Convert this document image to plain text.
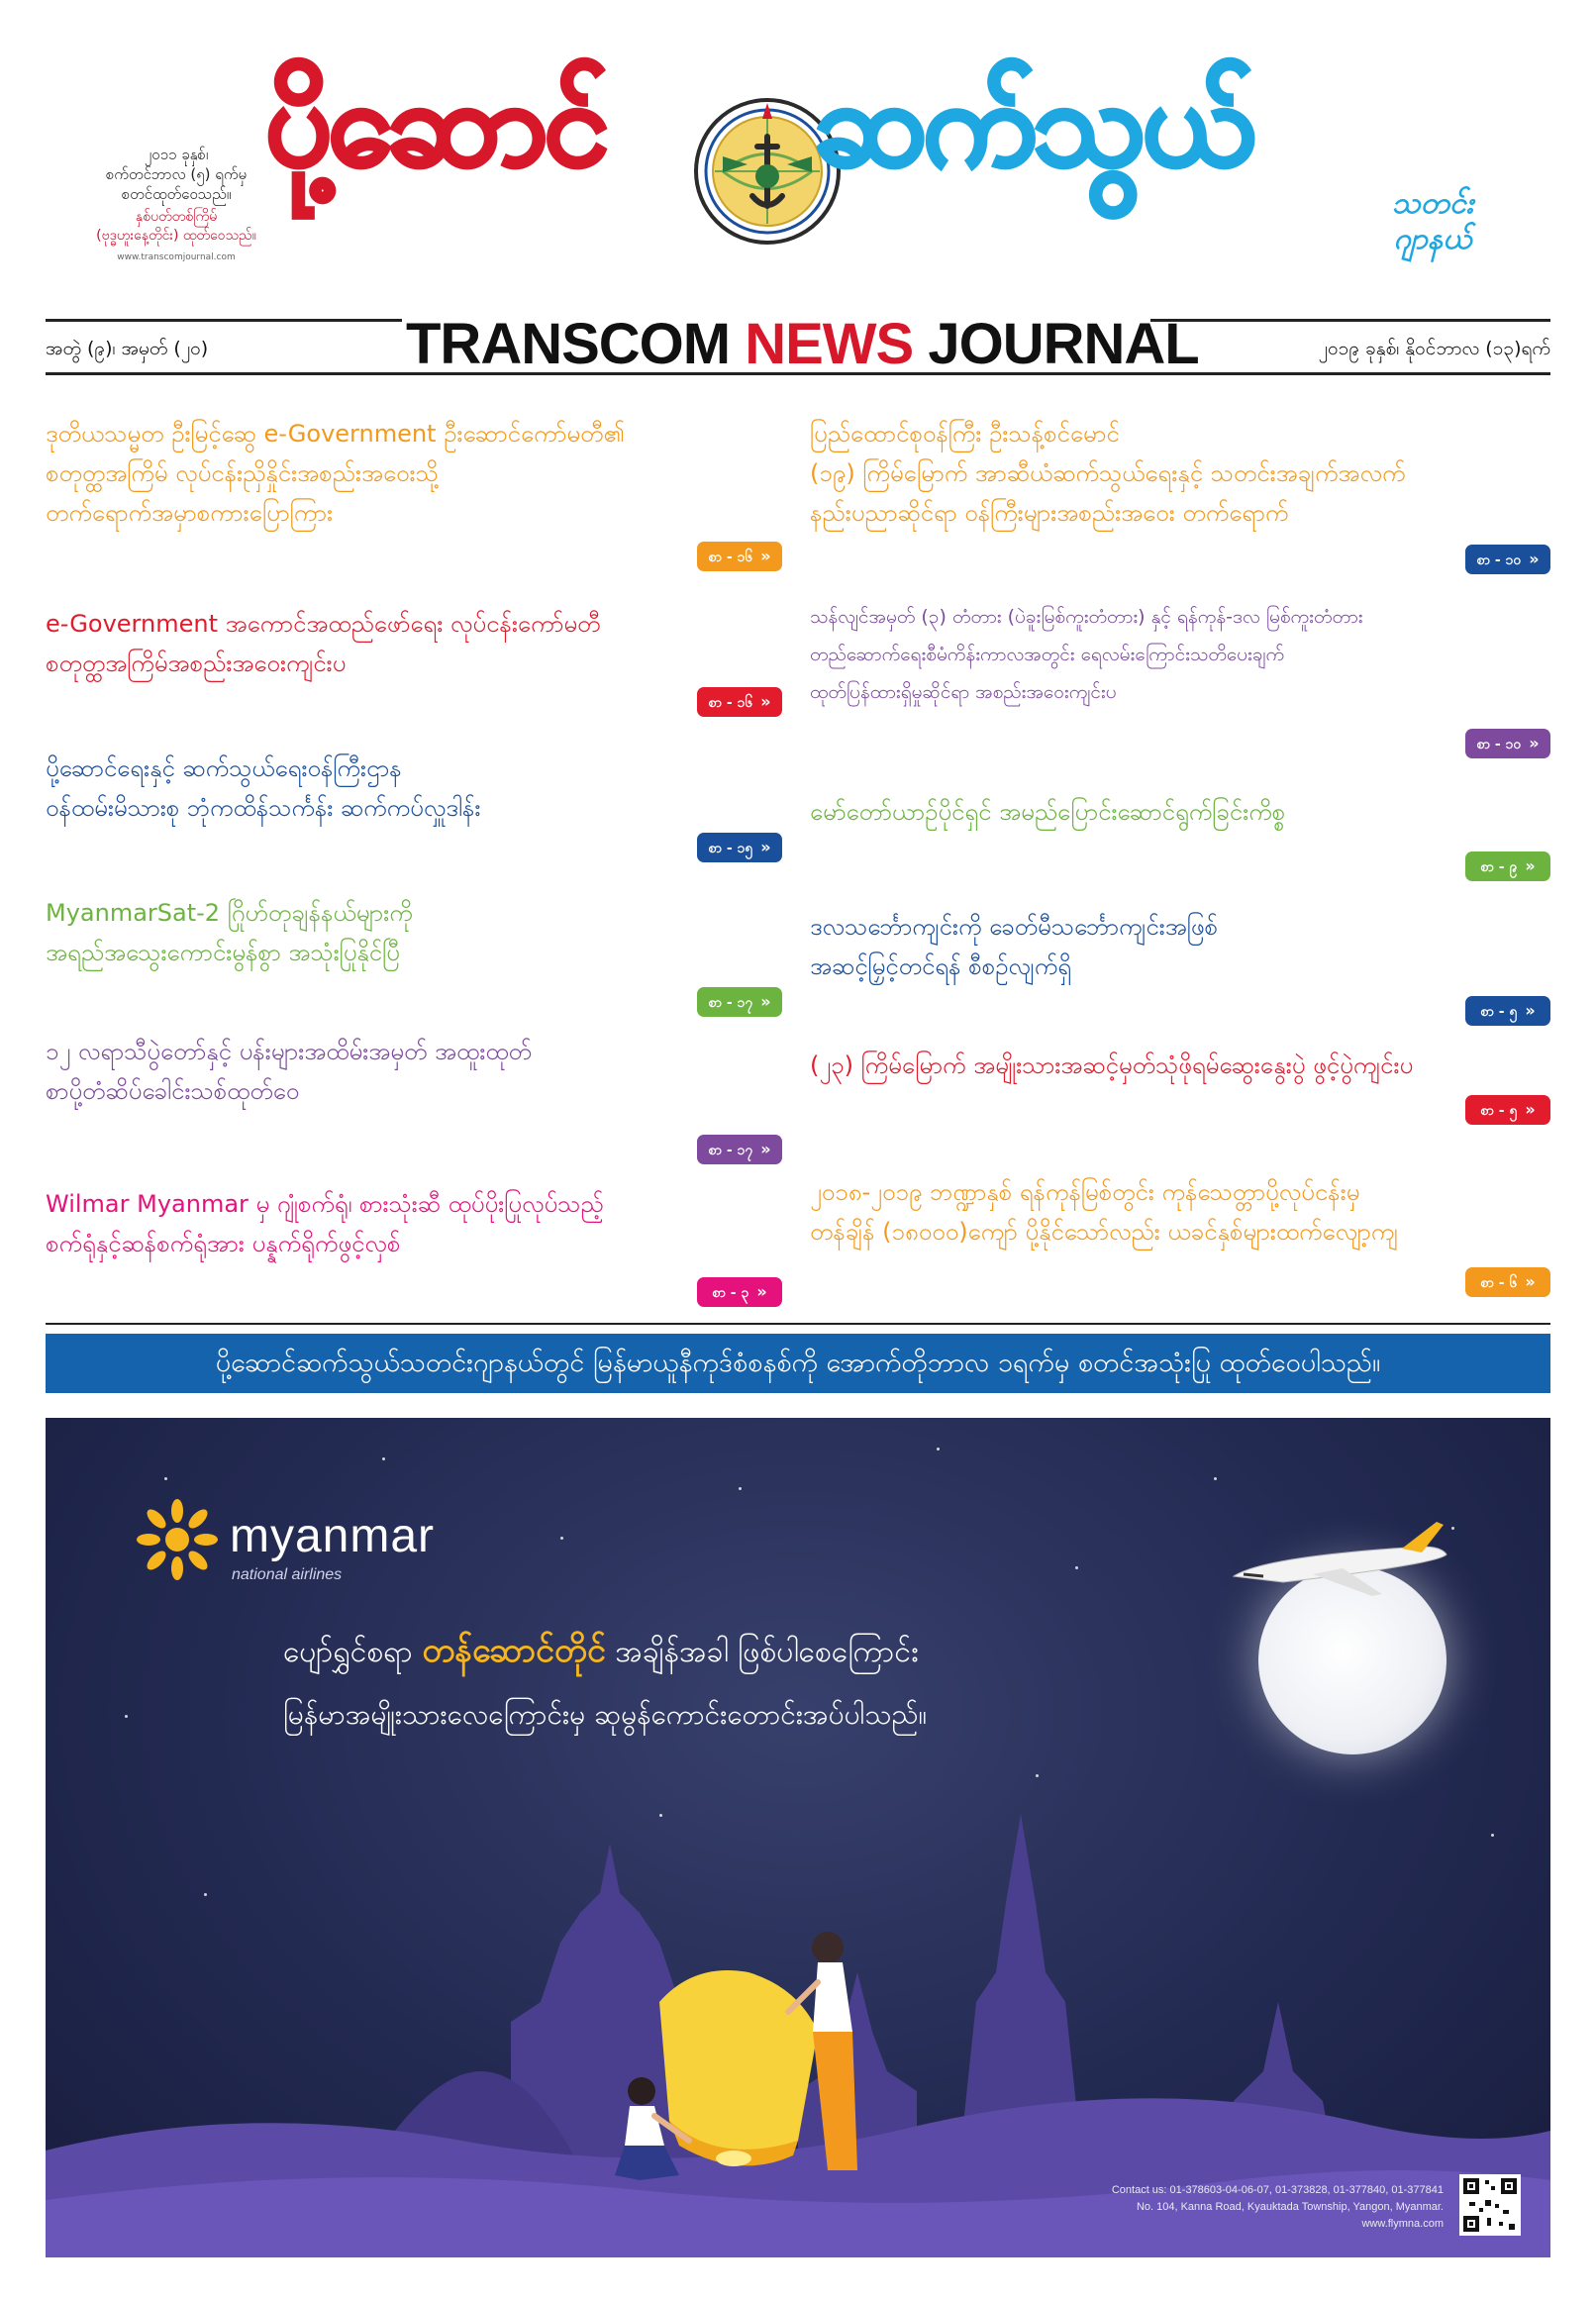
၂၀၁၁ ခုနှစ်၊
စက်တင်ဘာလ (၅) ရက်မှ
စတင်ထုတ်ဝေသည်။
နှစ်ပတ်တစ်ကြိမ်
(ဗုဒ္ဓဟူးနေ့တိုင်း) ထုတ်ဝေသည်။
www.transcomjournal.com
ပို့ဆောင် ဆက်သွယ်
သတင်း
ဂျာနယ်
အတွဲ (၉)၊ အမှတ် (၂၀)	TRANSCOM NEWS JOURNAL	၂၀၁၉ ခုနှစ်၊ နိုဝင်ဘာလ (၁၃)ရက်
ဒုတိယသမ္မတ ဦးမြင့်ဆွေ e-Government ဦးဆောင်ကော်မတီ၏
စတုတ္ထအကြိမ် လုပ်ငန်းညှိနှိုင်းအစည်းအဝေးသို့
တက်ရောက်အမှာစကားပြောကြား
စာ - ၁၆ »
e-Government အကောင်အထည်ဖော်ရေး လုပ်ငန်းကော်မတီ
စတုတ္ထအကြိမ်အစည်းအဝေးကျင်းပ
စာ - ၁၆ »
ပို့ဆောင်ရေးနှင့် ဆက်သွယ်ရေးဝန်ကြီးဌာန
ဝန်ထမ်းမိသားစု ဘုံကထိန်သင်္ကန်း ဆက်ကပ်လှူဒါန်း
စာ - ၁၅ »
MyanmarSat-2 ဂြိုဟ်တုချန်နယ်များကို
အရည်အသွေးကောင်းမွန်စွာ အသုံးပြုနိုင်ပြီ
စာ - ၁၇ »
၁၂ လရာသီပွဲတော်နှင့် ပန်းများအထိမ်းအမှတ် အထူးထုတ်
စာပို့တံဆိပ်ခေါင်းသစ်ထုတ်ဝေ
စာ - ၁၇ »
Wilmar Myanmar မှ ဂျုံစက်ရုံ၊ စားသုံးဆီ ထုပ်ပိုးပြုလုပ်သည့်
စက်ရုံနှင့်ဆန်စက်ရုံအား ပန္နက်ရိုက်ဖွင့်လှစ်
စာ - ၃ »
ပြည်ထောင်စုဝန်ကြီး ဦးသန့်စင်မောင်
(၁၉) ကြိမ်မြောက် အာဆီယံဆက်သွယ်ရေးနှင့် သတင်းအချက်အလက်
နည်းပညာဆိုင်ရာ ဝန်ကြီးများအစည်းအဝေး တက်ရောက်
စာ - ၁၀ »
သန်လျင်အမှတ် (၃) တံတား (ပဲခူးမြစ်ကူးတံတား) နှင့် ရန်ကုန်-ဒလ မြစ်ကူးတံတား
တည်ဆောက်ရေးစီမံကိန်းကာလအတွင်း ရေလမ်းကြောင်းသတိပေးချက်
ထုတ်ပြန်ထားရှိမှုဆိုင်ရာ အစည်းအဝေးကျင်းပ
စာ - ၁၀ »
မော်တော်ယာဉ်ပိုင်ရှင် အမည်ပြောင်းဆောင်ရွက်ခြင်းကိစ္စ
စာ - ၉ »
ဒလသင်္ဘောကျင်းကို ခေတ်မီသင်္ဘောကျင်းအဖြစ်
အဆင့်မြှင့်တင်ရန် စီစဉ်လျက်ရှိ
စာ - ၅ »
(၂၃) ကြိမ်မြောက် အမျိုးသားအဆင့်မှတ်သုံဖိုရမ်ဆွေးနွေးပွဲ ဖွင့်ပွဲကျင်းပ
စာ - ၅ »
၂၀၁၈-၂၀၁၉ ဘဏ္ဍာနှစ် ရန်ကုန်မြစ်တွင်း ကုန်သေတ္တာပို့လုပ်ငန်းမှ
တန်ချိန် (၁၈၀၀၀)ကျော် ပို့နိုင်သော်လည်း ယခင်နှစ်များထက်လျော့ကျ
စာ - ၆ »
ပို့ဆောင်ဆက်သွယ်သတင်းဂျာနယ်တွင် မြန်မာယူနီကုဒ်စံစနစ်ကို အောက်တိုဘာလ ၁ရက်မှ စတင်အသုံးပြု ထုတ်ဝေပါသည်။
myanmar
national airlines
ပျော်ရွှင်စရာ တန်ဆောင်တိုင် အချိန်အခါ ဖြစ်ပါစေကြောင်း
မြန်မာအမျိုးသားလေကြောင်းမှ ဆုမွန်ကောင်းတောင်းအပ်ပါသည်။
Contact us: 01-378603-04-06-07, 01-373828, 01-377840, 01-377841
No. 104, Kanna Road, Kyauktada Township, Yangon, Myanmar.
www.flymna.com
